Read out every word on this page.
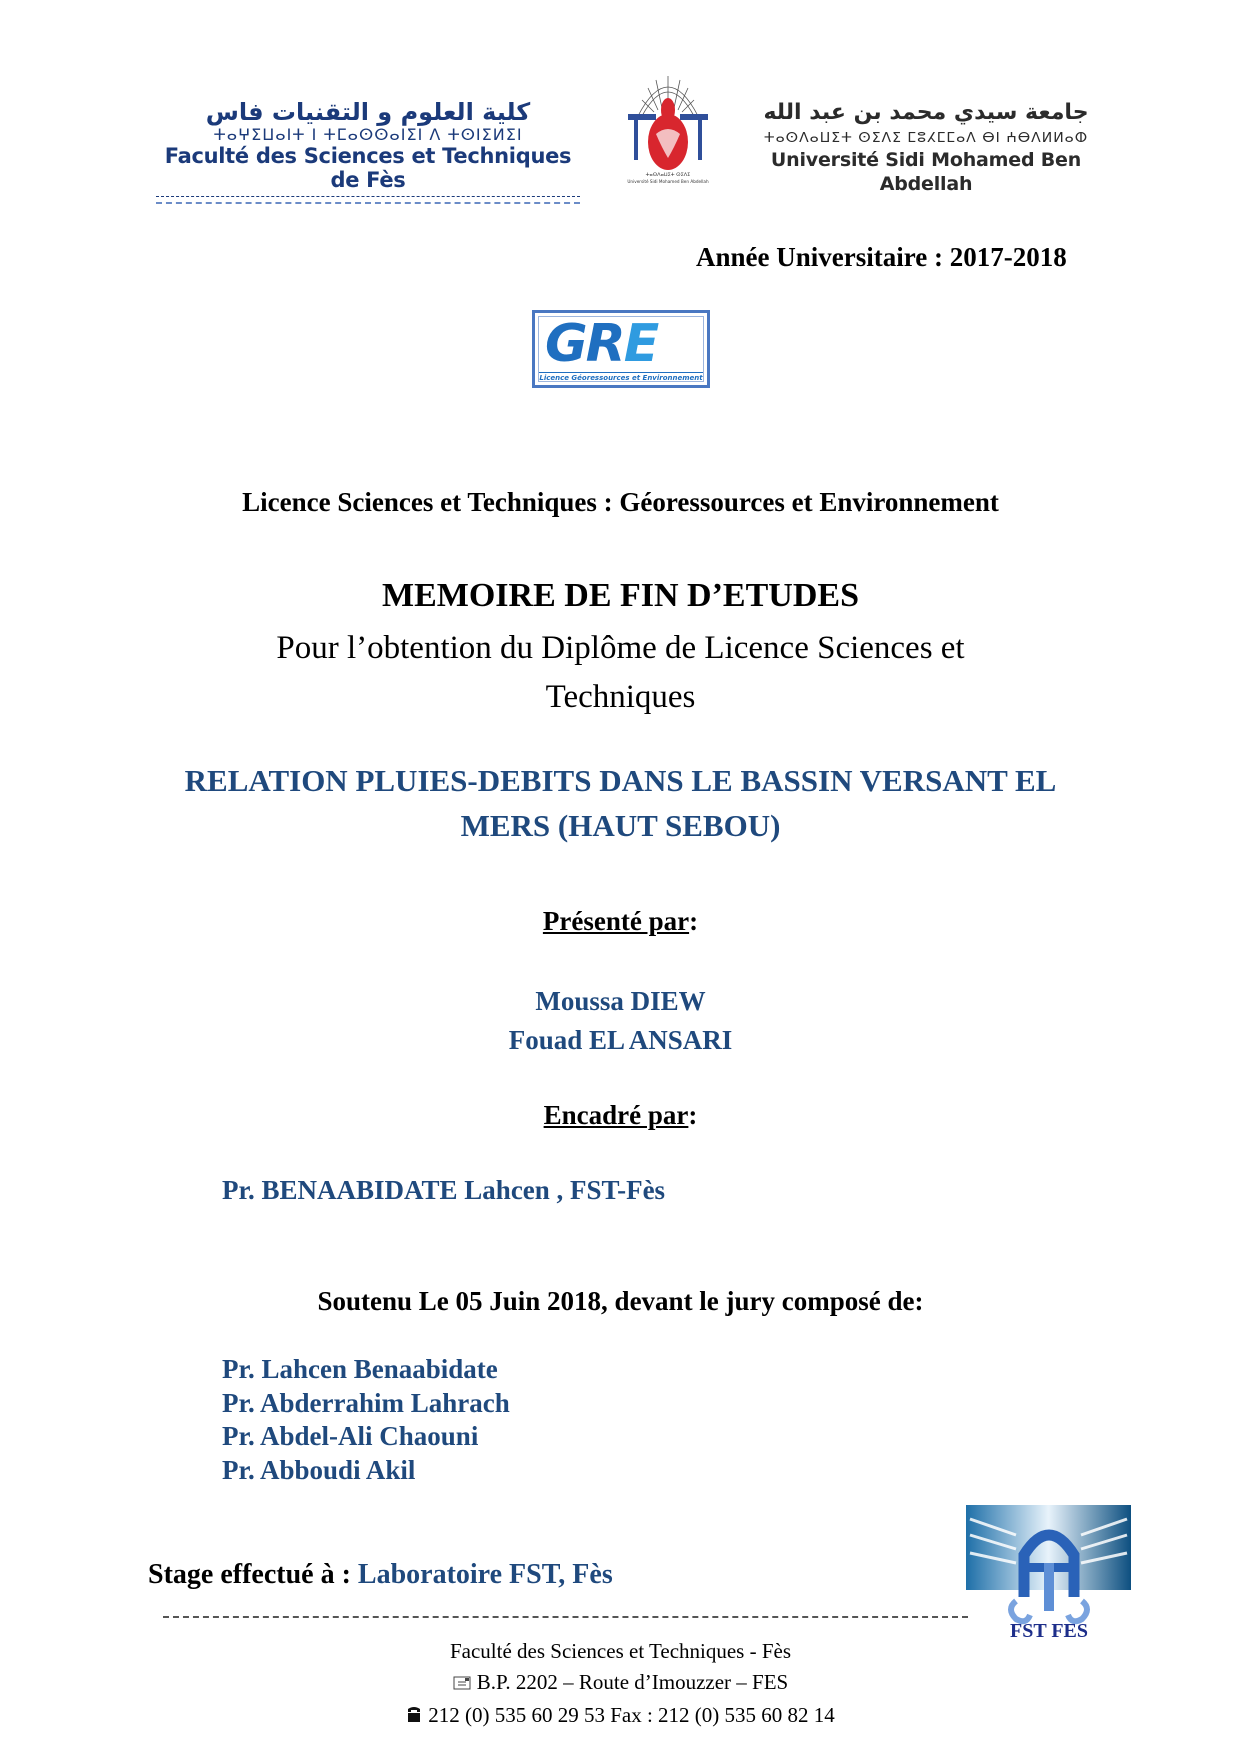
كلية العلوم و التقنيات فاس
ⵜⴰⵖⵉⵡⴰⵏⵜ ⵏ ⵜⵎⴰⵙⵙⴰⵏⵉⵏ ⴷ ⵜⵙⵏⵉⵍⵉⵏ
Faculté des Sciences et Techniques de Fès	ⵜⴰⵙⴷⴰⵡⵉⵜ ⵙⵉⴷⵉ
Université Sidi Mohamed Ben Abdellah
جامعة سيدي محمد بن عبد الله
ⵜⴰⵙⴷⴰⵡⵉⵜ ⵙⵉⴷⵉ ⵎⵓⵃⵎⵎⴰⴷ ⴱⵏ ⵄⴱⴷⵍⵍⴰⵀ
Université Sidi Mohamed Ben Abdellah
Année Universitaire : 2017-2018
GRE
Licence Géoressources et Environnement
Licence Sciences et Techniques : Géoressources et Environnement
MEMOIRE DE FIN D’ETUDES
Pour l’obtention du Diplôme de Licence Sciences et
Techniques
RELATION PLUIES-DEBITS DANS LE BASSIN VERSANT EL
MERS (HAUT SEBOU)
Présenté par:
Moussa DIEW
Fouad EL ANSARI
Encadré par:
Pr. BENAABIDATE Lahcen , FST-Fès
Soutenu Le 05 Juin 2018, devant le jury composé de:
Pr. Lahcen Benaabidate
Pr. Abderrahim Lahrach
Pr. Abdel-Ali Chaouni
Pr. Abboudi Akil
Stage effectué à : Laboratoire FST, Fès
FST FES
Faculté des Sciences et Techniques - Fès
B.P. 2202 – Route d’Imouzzer – FES
212 (0) 535 60 29 53 Fax : 212 (0) 535 60 82 14
